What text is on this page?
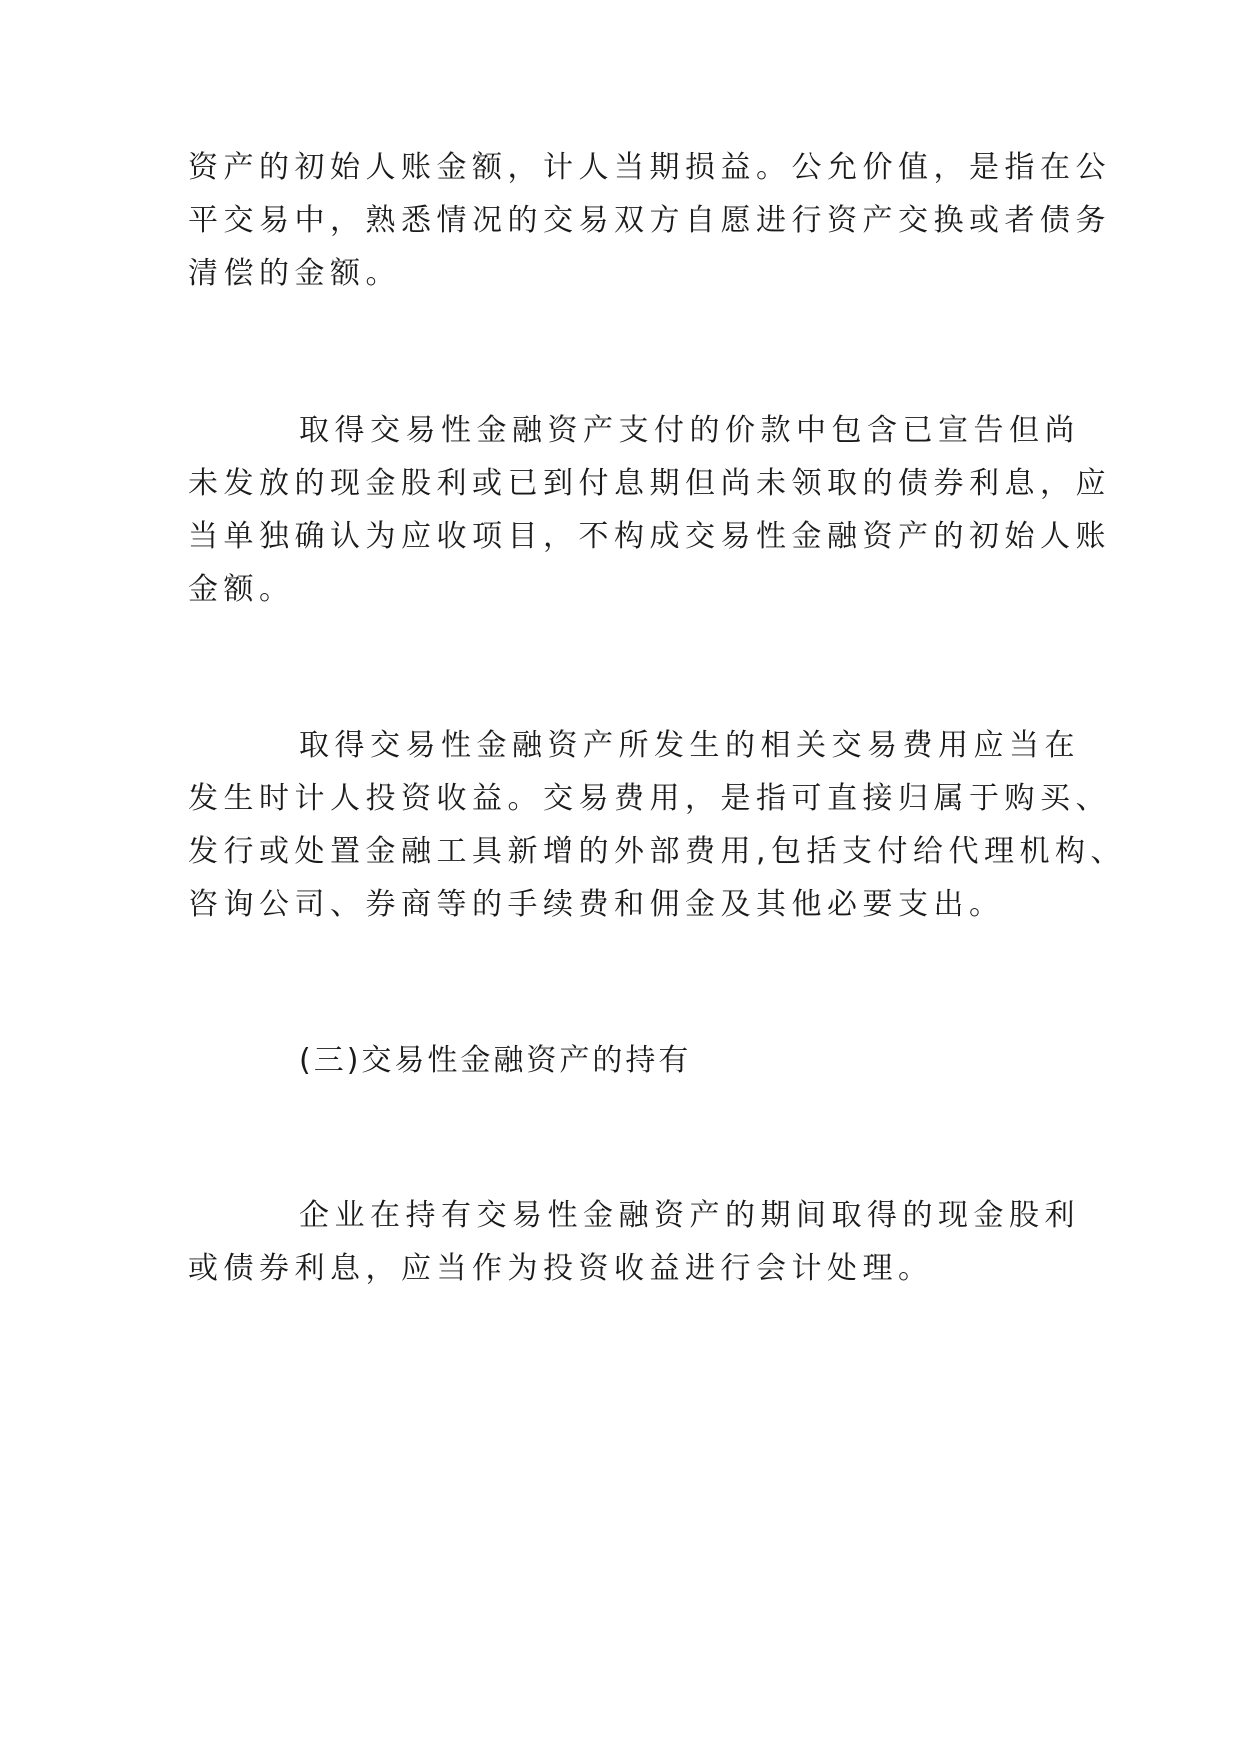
资产的初始人账金额，计人当期损益。公允价值，是指在公
平交易中，熟悉情况的交易双方自愿进行资产交换或者债务
清偿的金额。
取得交易性金融资产支付的价款中包含已宣告但尚
未发放的现金股利或已到付息期但尚未领取的债券利息，应
当单独确认为应收项目，不构成交易性金融资产的初始人账
金额。
取得交易性金融资产所发生的相关交易费用应当在
发生时计人投资收益。交易费用，是指可直接归属于购买、
发行或处置金融工具新增的外部费用,包括支付给代理机构、
咨询公司、券商等的手续费和佣金及其他必要支出。
(三)交易性金融资产的持有
企业在持有交易性金融资产的期间取得的现金股利
或债券利息，应当作为投资收益进行会计处理。
